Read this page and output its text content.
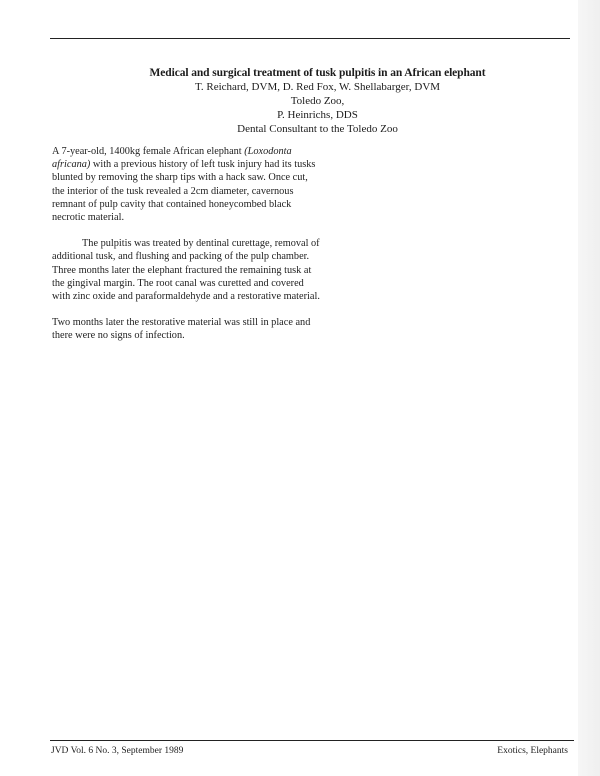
Medical and surgical treatment of tusk pulpitis in an African elephant

T. Reichard, DVM, D. Red Fox, W. Shellabarger, DVM

Toledo Zoo,

P. Heinrichs, DDS

Dental Consultant to the Toledo Zoo

A 7-year-old, 1400kg female African elephant (Loxodonta africana) with a previous history of left tusk injury had its tusks blunted by removing the sharp tips with a hack saw. Once cut, the interior of the tusk revealed a 2cm diameter, cavernous remnant of pulp cavity that contained honeycombed black necrotic material.

The pulpitis was treated by dentinal curettage, removal of additional tusk, and flushing and packing of the pulp chamber. Three months later the elephant fractured the remaining tusk at the gingival margin. The root canal was curetted and covered with zinc oxide and paraformaldehyde and a restorative material.

Two months later the restorative material was still in place and there were no signs of infection.

JVD Vol. 6 No. 3, September 1989	Exotics, Elephants
